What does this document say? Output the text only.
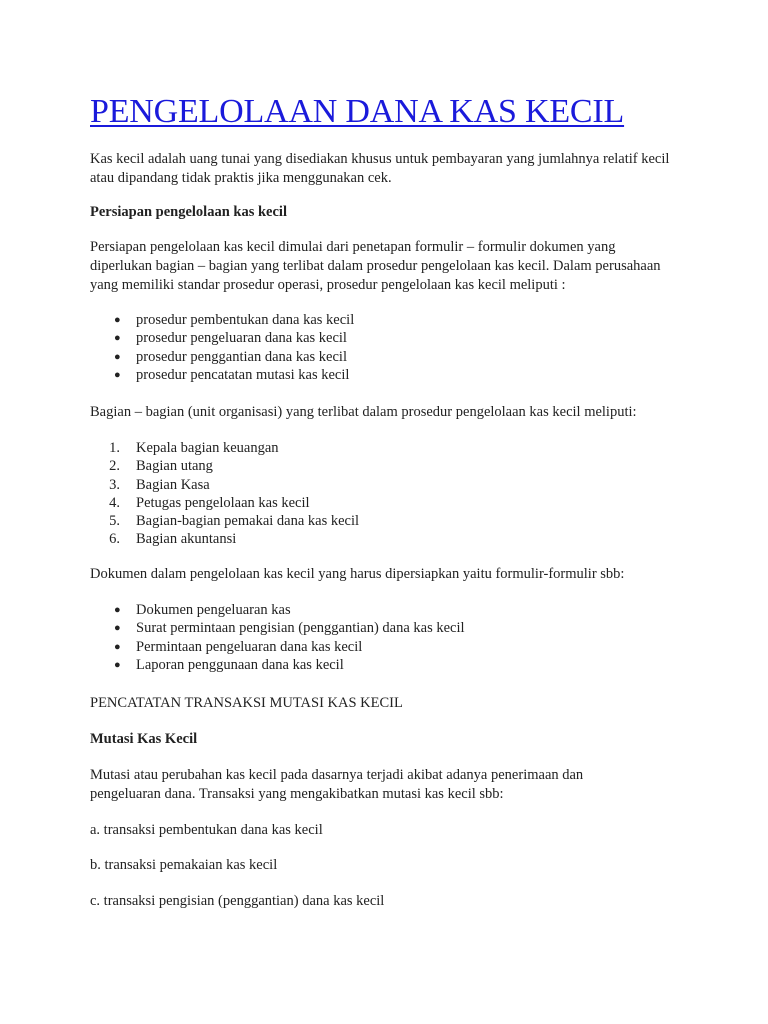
PENGELOLAAN DANA KAS KECIL

Kas kecil adalah uang tunai yang disediakan khusus untuk pembayaran yang jumlahnya relatif kecil atau dipandang tidak praktis jika menggunakan cek.

Persiapan pengelolaan kas kecil

Persiapan pengelolaan kas kecil dimulai dari penetapan formulir – formulir dokumen yang diperlukan bagian – bagian yang terlibat dalam prosedur pengelolaan kas kecil. Dalam perusahaan yang memiliki standar prosedur operasi, prosedur pengelolaan kas kecil meliputi :

● prosedur pembentukan dana kas kecil
● prosedur pengeluaran dana kas kecil
● prosedur penggantian dana kas kecil
● prosedur pencatatan mutasi kas kecil

Bagian – bagian (unit organisasi) yang terlibat dalam prosedur pengelolaan kas kecil meliputi:

1. Kepala bagian keuangan
2. Bagian utang
3. Bagian Kasa
4. Petugas pengelolaan kas kecil
5. Bagian-bagian pemakai dana kas kecil
6. Bagian akuntansi

Dokumen dalam pengelolaan kas kecil yang harus dipersiapkan yaitu formulir-formulir sbb:

● Dokumen pengeluaran kas
● Surat permintaan pengisian (penggantian) dana kas kecil
● Permintaan pengeluaran dana kas kecil
● Laporan penggunaan dana kas kecil

PENCATATAN TRANSAKSI MUTASI KAS KECIL

Mutasi Kas Kecil

Mutasi atau perubahan kas kecil pada dasarnya terjadi akibat adanya penerimaan dan pengeluaran dana. Transaksi yang mengakibatkan mutasi kas kecil sbb:

a. transaksi pembentukan dana kas kecil

b. transaksi pemakaian kas kecil

c. transaksi pengisian (penggantian) dana kas kecil
